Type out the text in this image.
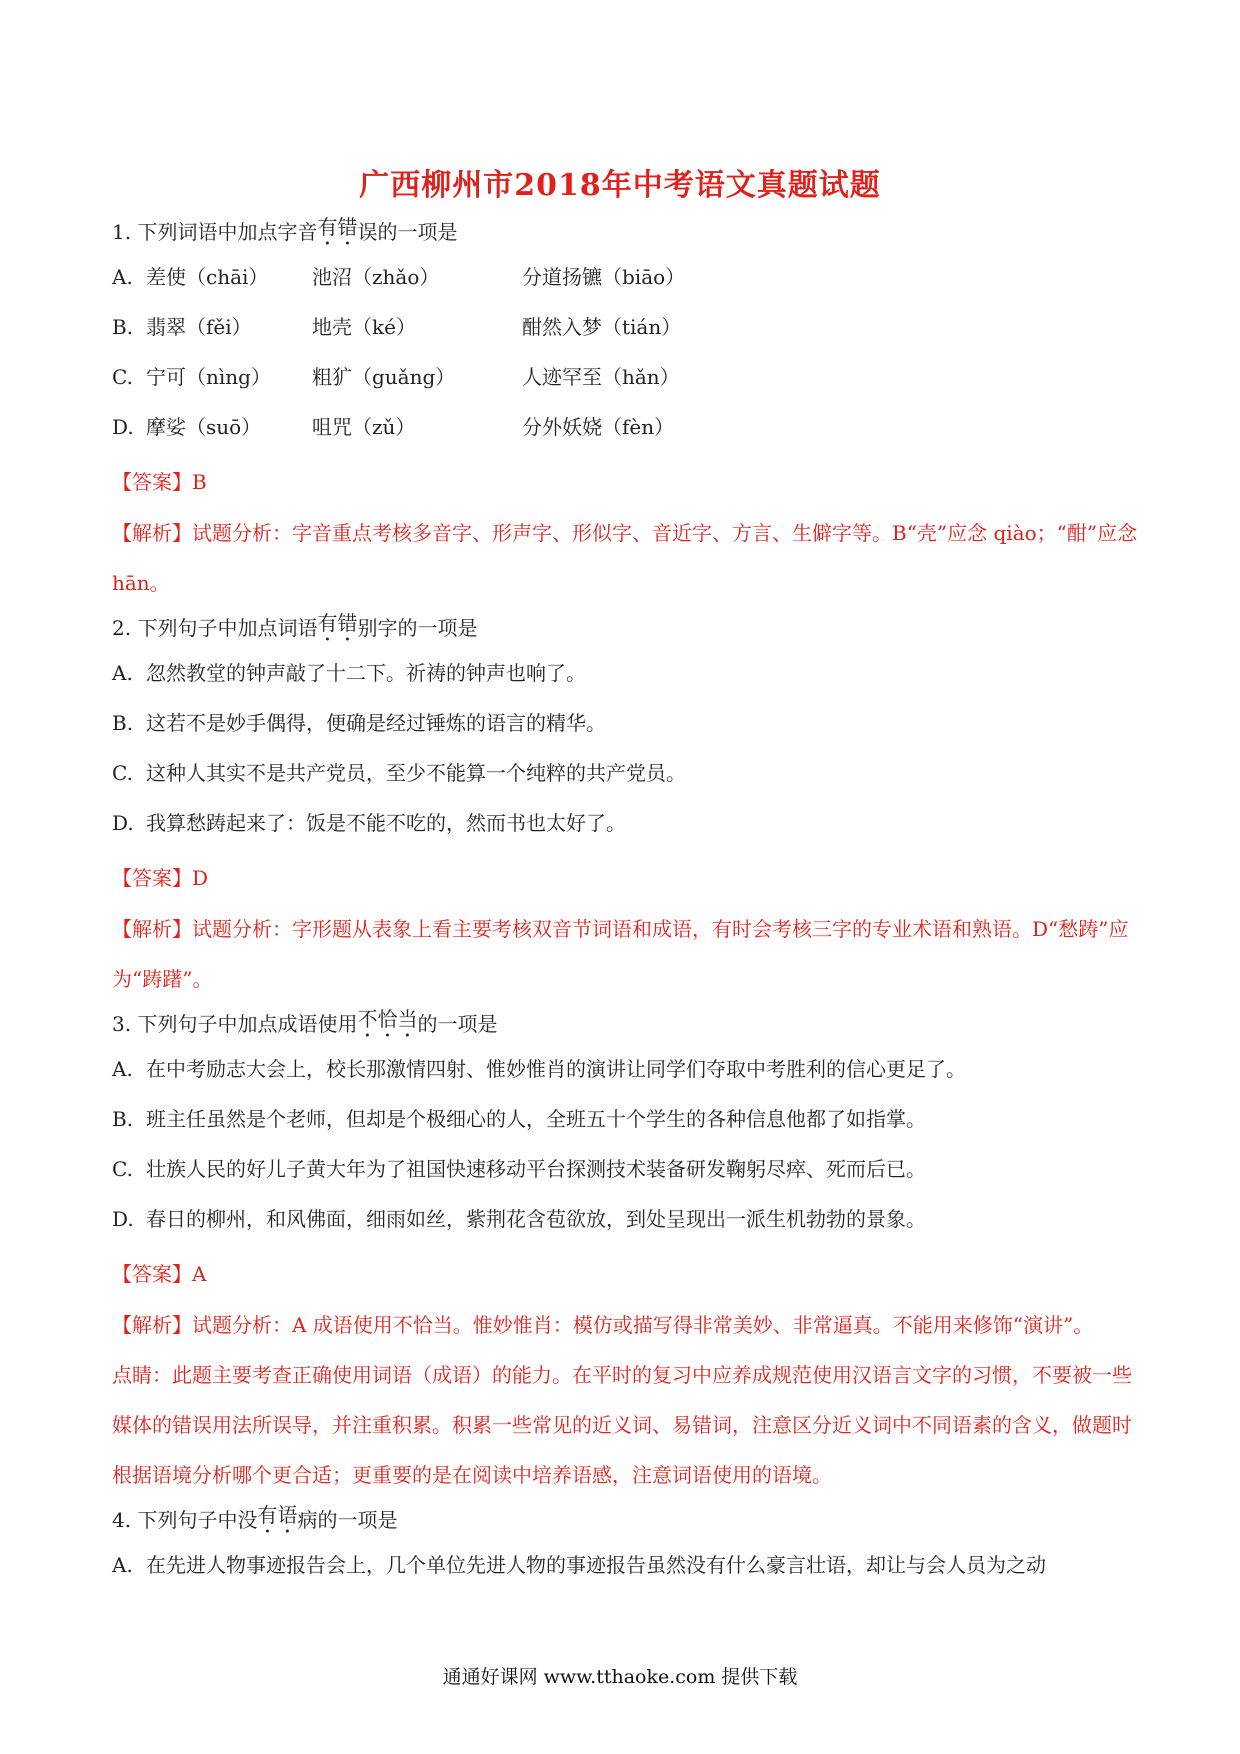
广西柳州市2018年中考语文真题试题
1. 下列词语中加点字音 有错 误的一项是
A. 差使（chāi）	池沼（zhǎo）	分道扬镳（biāo）
B. 翡翠（fěi）	地壳（ké）	酣然入梦（tián）
C. 宁可（nìng）	粗犷（guǎng）	人迹罕至（hǎn）
D. 摩娑（suō）	咀咒（zǔ）	分外妖娆（fèn）
【答案】B
【解析】试题分析：字音重点考核多音字、形声字、形似字、音近字、方言、生僻字等。B“壳”应念 qiào；“酣”应念 hān。
2. 下列句子中加点词语 有错 别字的一项是
A. 忽然教堂的钟声敲了十二下。祈祷的钟声也响了。
B. 这若不是妙手偶得，便确是经过锤炼的语言的精华。
C. 这种人其实不是共产党员，至少不能算一个纯粹的共产党员。
D. 我算愁踌起来了：饭是不能不吃的，然而书也太好了。
【答案】D
【解析】试题分析：字形题从表象上看主要考核双音节词语和成语，有时会考核三字的专业术语和熟语。D“愁踌”应为“踌躇”。
3. 下列句子中加点成语使用 不恰当 的一项是
A. 在中考励志大会上，校长那激情四射、惟妙惟肖的演讲让同学们夺取中考胜利的信心更足了。
B. 班主任虽然是个老师，但却是个极细心的人，全班五十个学生的各种信息他都了如指掌。
C. 壮族人民的好儿子黄大年为了祖国快速移动平台探测技术装备研发鞠躬尽瘁、死而后已。
D. 春日的柳州，和风佛面，细雨如丝，紫荆花含苞欲放，到处呈现出一派生机勃勃的景象。
【答案】A
【解析】试题分析：A 成语使用不恰当。惟妙惟肖：模仿或描写得非常美妙、非常逼真。不能用来修饰“演讲”。
点睛：此题主要考查正确使用词语（成语）的能力。在平时的复习中应养成规范使用汉语言文字的习惯，不要被一些媒体的错误用法所误导，并注重积累。积累一些常见的近义词、易错词，注意区分近义词中不同语素的含义，做题时根据语境分析哪个更合适；更重要的是在阅读中培养语感，注意词语使用的语境。
4. 下列句子中没 有语 病的一项是
A. 在先进人物事迹报告会上，几个单位先进人物的事迹报告虽然没有什么豪言壮语，却让与会人员为之动
通通好课网 www.tthaoke.com 提供下载
